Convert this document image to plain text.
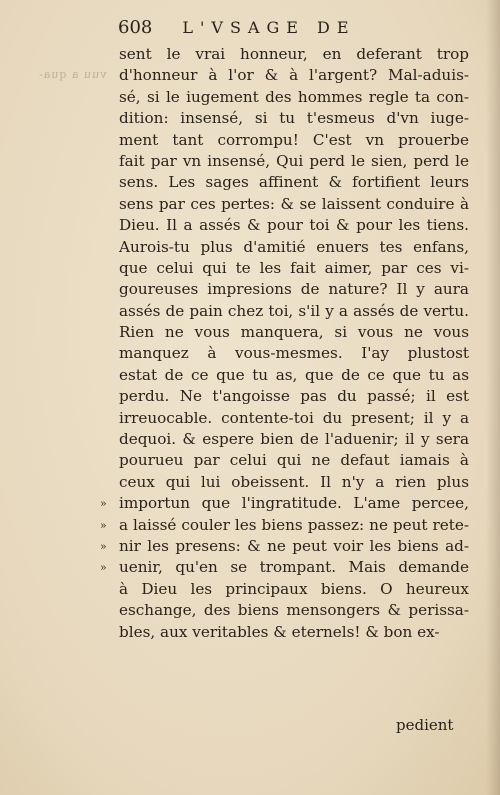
vuu a qua-
608 L'VSAGE DE
sent le vrai honneur, en deferant trop
d'honneur à l'or & à l'argent? Mal-aduis-
sé, si le iugement des hommes regle ta con-
dition: insensé, si tu t'esmeus d'vn iuge-
ment tant corrompu! C'est vn prouerbe
fait par vn insensé, Qui perd le sien, perd le
sens. Les sages affinent & fortifient leurs
sens par ces pertes: & se laissent conduire à
Dieu. Il a assés & pour toi & pour les tiens.
Aurois-tu plus d'amitié enuers tes enfans,
que celui qui te les fait aimer, par ces vi-
goureuses impresions de nature? Il y aura
assés de pain chez toi, s'il y a assés de vertu.
Rien ne vous manquera, si vous ne vous
manquez à vous-mesmes. I'ay plustost
estat de ce que tu as, que de ce que tu as
perdu. Ne t'angoisse pas du passé; il est
irreuocable. contente-toi du present; il y a
dequoi. & espere bien de l'aduenir; il y sera
pourueu par celui qui ne defaut iamais à
ceux qui lui obeissent. Il n'y a rien plus
» importun que l'ingratitude. L'ame percee,
» a laissé couler les biens passez: ne peut rete-
» nir les presens: & ne peut voir les biens ad-
» uenir, qu'en se trompant. Mais demande
à Dieu les principaux biens. O heureux
eschange, des biens mensongers & perissa-
bles, aux veritables & eternels! & bon ex-
pedient
